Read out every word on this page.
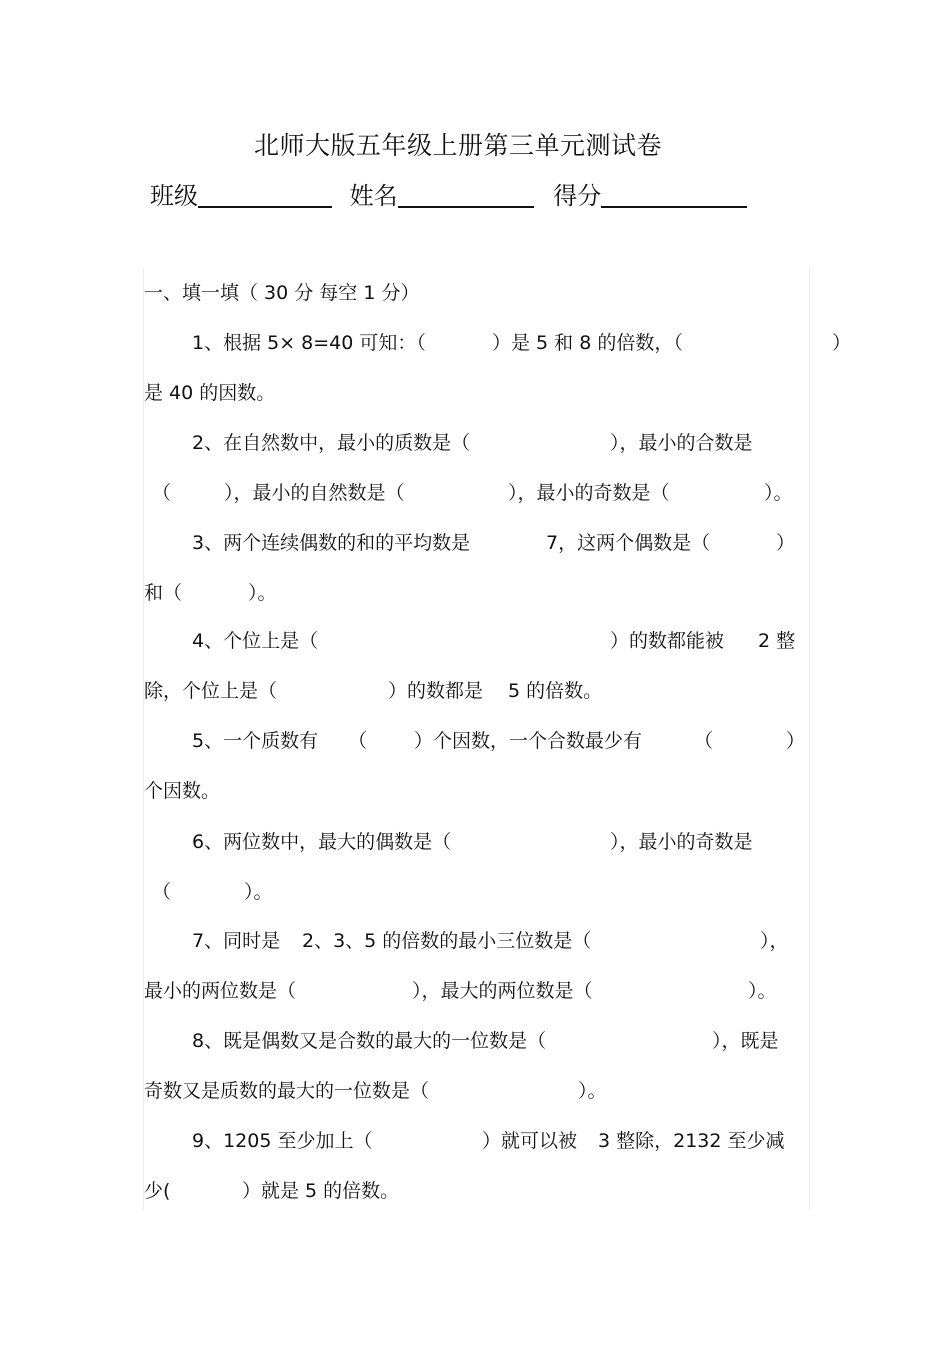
北师大版五年级上册第三单元测试卷
班级	姓名	得分
一、填一填（ 30 分 每空 1 分）
1、根据 5× 8=40 可知：（	）是 5 和 8 的倍数，（	）
是 40 的因数。
2、在自然数中，最小的质数是（	），最小的合数是
（	），最小的自然数是（	），最小的奇数是（	）。
3、两个连续偶数的和的平均数是	7，这两个偶数是（	）
和（	）。
4、个位上是（	）的数都能被 2 整
除，个位上是（	）的数都是 5 的倍数。
5、一个质数有 （ ）个因数，一个合数最少有	（	）
个因数。
6、两位数中，最大的偶数是（	），最小的奇数是
（	）。
7、同时是 2、3、5 的倍数的最小三位数是（	），
最小的两位数是（	），最大的两位数是（	）。
8、既是偶数又是合数的最大的一位数是（	），既是
奇数又是质数的最大的一位数是（	）。
9、1205 至少加上（	）就可以被 3 整除，2132 至少减
少(	）就是 5 的倍数。
